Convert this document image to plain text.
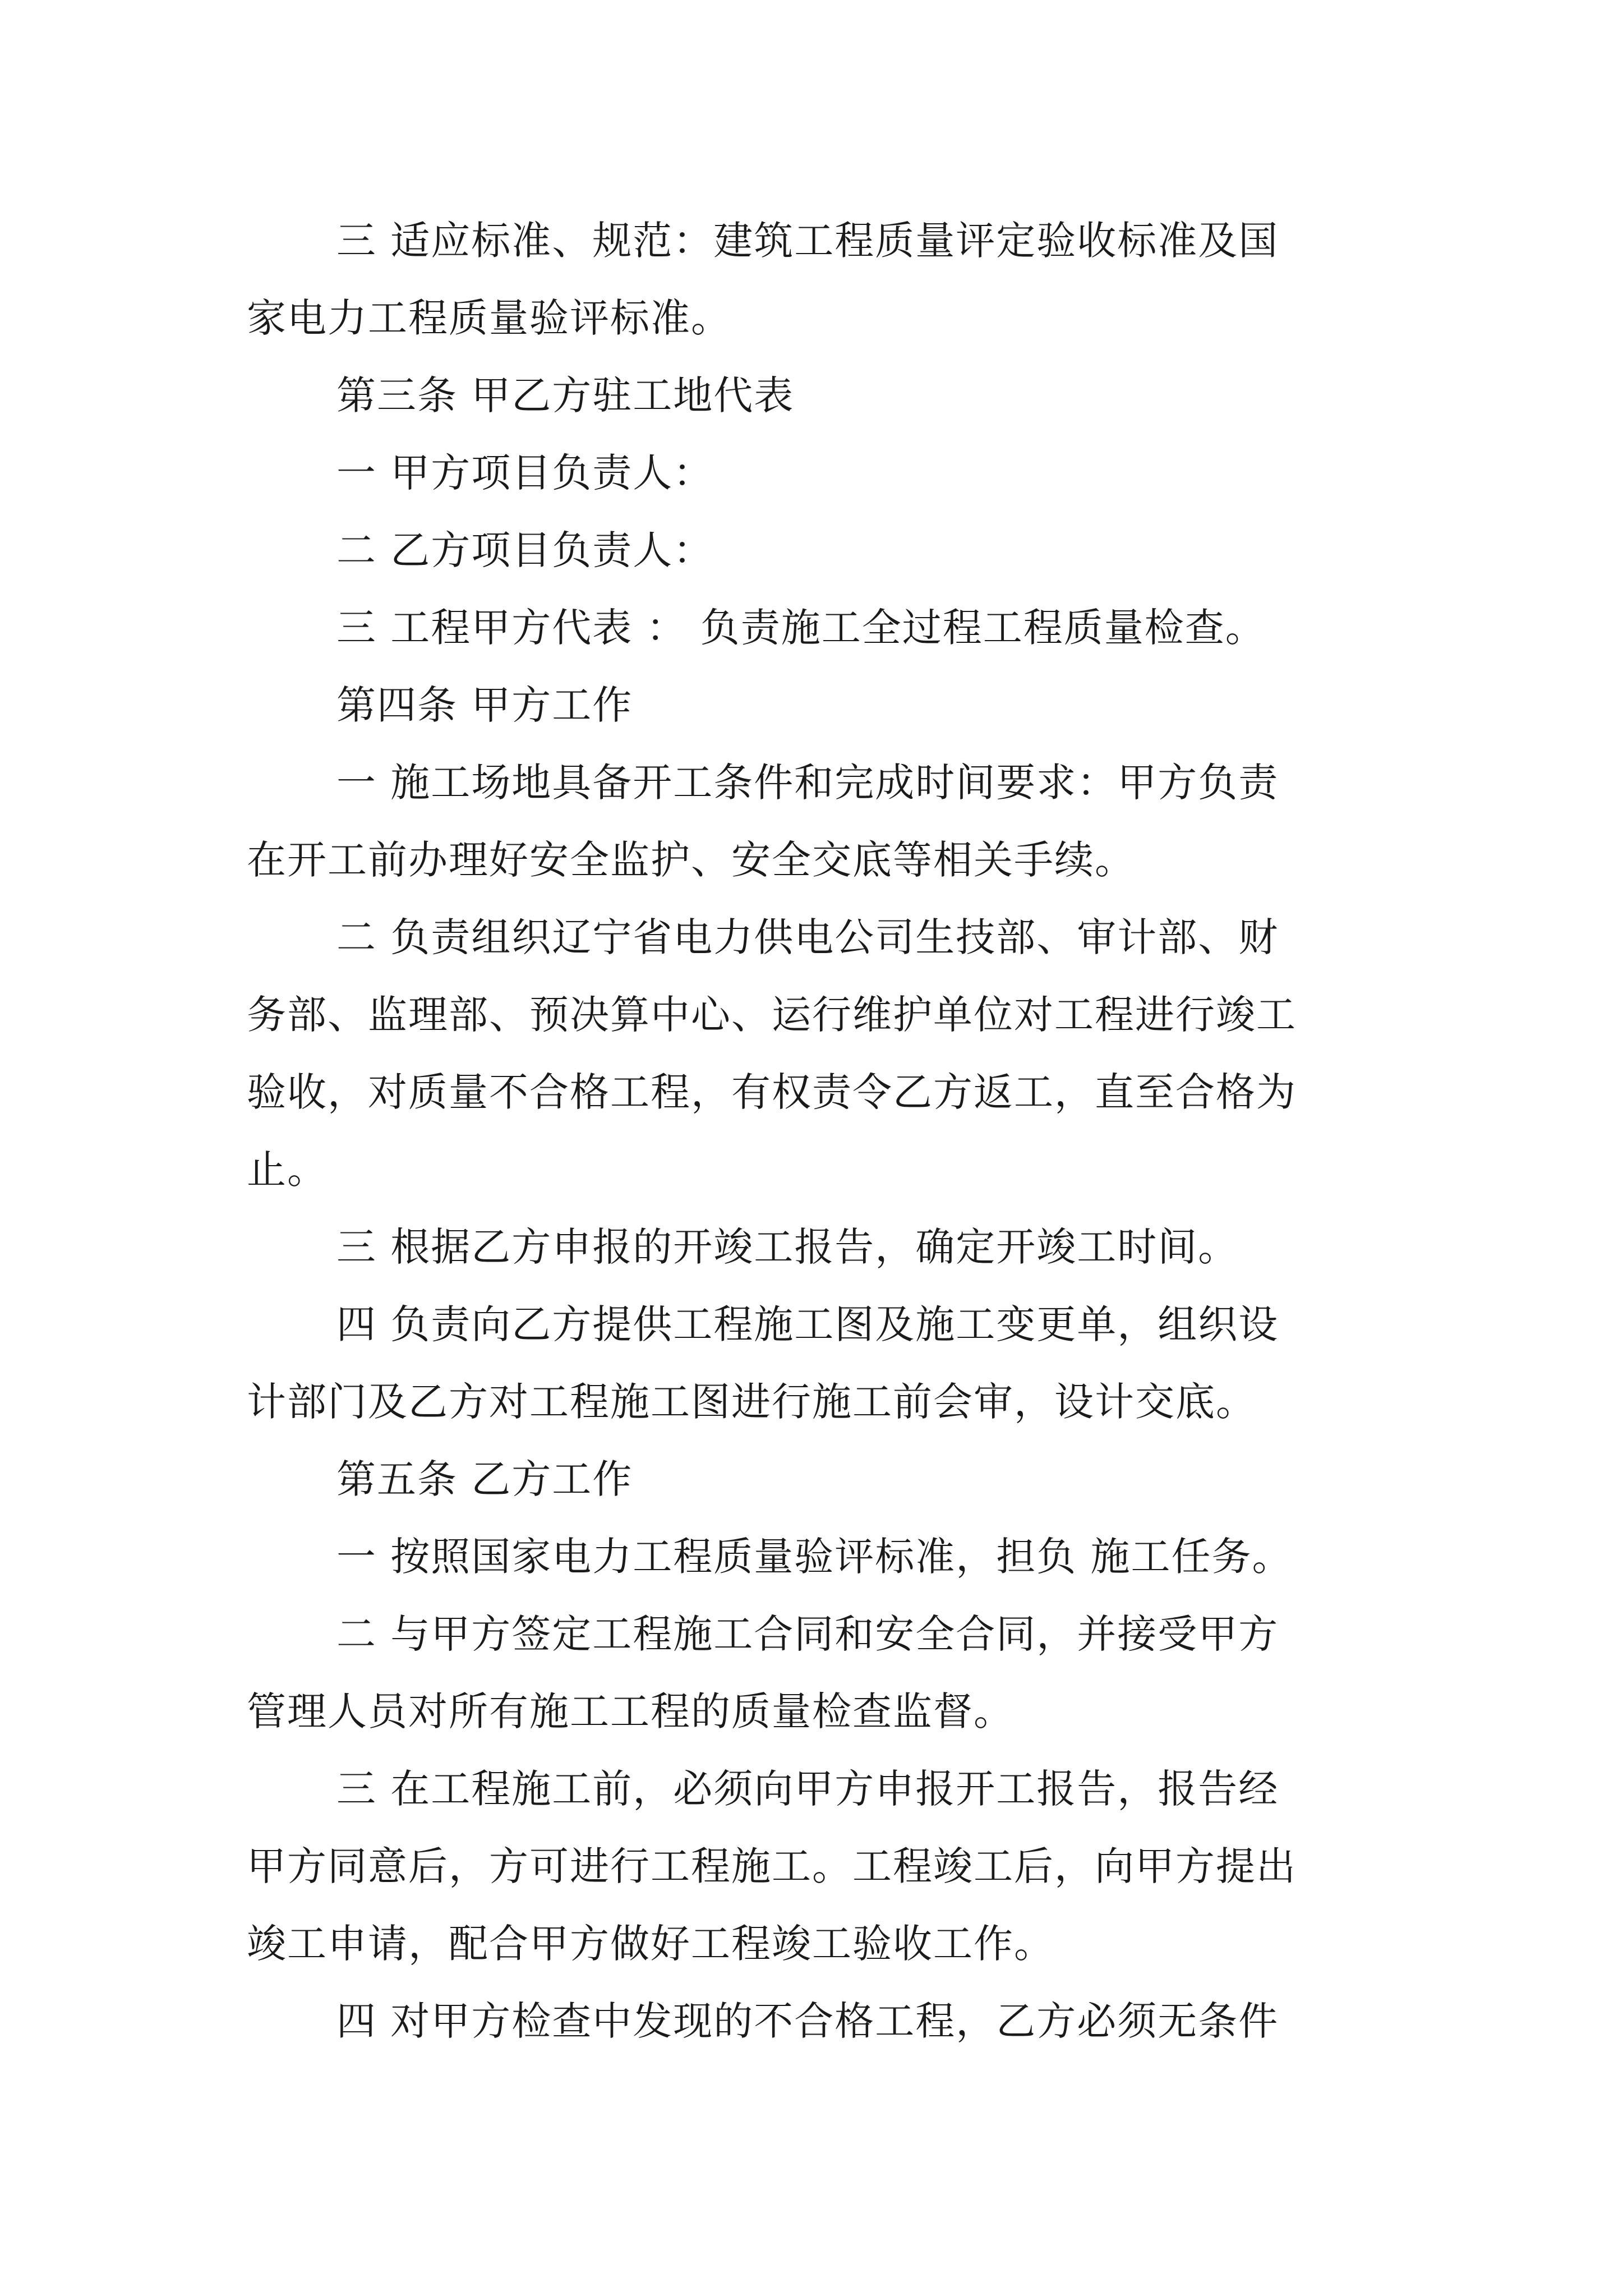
三 适应标准、规范：建筑工程质量评定验收标准及国
家电力工程质量验评标准。
第三条 甲乙方驻工地代表
一 甲方项目负责人：
二 乙方项目负责人：
三 工程甲方代表 ： 负责施工全过程工程质量检查。
第四条 甲方工作
一 施工场地具备开工条件和完成时间要求：甲方负责
在开工前办理好安全监护、安全交底等相关手续。
二 负责组织辽宁省电力供电公司生技部、审计部、财
务部、监理部、预决算中心、运行维护单位对工程进行竣工
验收，对质量不合格工程，有权责令乙方返工，直至合格为
止。
三 根据乙方申报的开竣工报告，确定开竣工时间。
四 负责向乙方提供工程施工图及施工变更单，组织设
计部门及乙方对工程施工图进行施工前会审，设计交底。
第五条 乙方工作
一 按照国家电力工程质量验评标准，担负 施工任务。
二 与甲方签定工程施工合同和安全合同，并接受甲方
管理人员对所有施工工程的质量检查监督。
三 在工程施工前，必须向甲方申报开工报告，报告经
甲方同意后，方可进行工程施工。工程竣工后，向甲方提出
竣工申请，配合甲方做好工程竣工验收工作。
四 对甲方检查中发现的不合格工程，乙方必须无条件
